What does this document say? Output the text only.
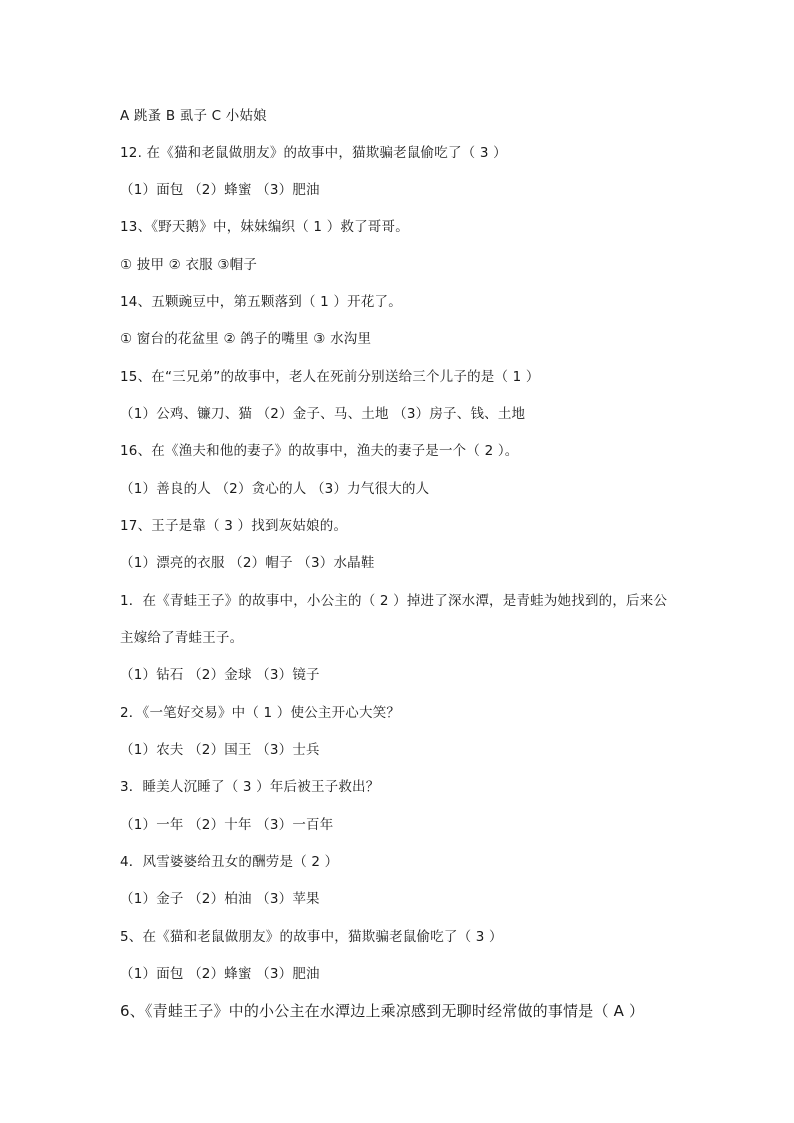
A 跳蚤 B 虱子 C 小姑娘
12. 在《猫和老鼠做朋友》的故事中，猫欺骗老鼠偷吃了（ 3 ）
（1）面包 （2）蜂蜜 （3）肥油
13、《野天鹅》中，妹妹编织（ 1 ）救了哥哥。
① 披甲 ② 衣服 ③帽子
14、五颗豌豆中，第五颗落到（ 1 ）开花了。
① 窗台的花盆里 ② 鸽子的嘴里 ③ 水沟里
15、在“三兄弟”的故事中，老人在死前分别送给三个儿子的是（ 1 ）
（1）公鸡、镰刀、猫 （2）金子、马、土地 （3）房子、钱、土地
16、在《渔夫和他的妻子》的故事中，渔夫的妻子是一个（ 2 ）。
（1）善良的人 （2）贪心的人 （3）力气很大的人
17、王子是靠（ 3 ）找到灰姑娘的。
（1）漂亮的衣服 （2）帽子 （3）水晶鞋
1．在《青蛙王子》的故事中，小公主的（ 2 ）掉进了深水潭，是青蛙为她找到的，后来公
主嫁给了青蛙王子。
（1）钻石 （2）金球 （3）镜子
2．《一笔好交易》中（ 1 ）使公主开心大笑？
（1）农夫 （2）国王 （3）士兵
3．睡美人沉睡了（ 3 ）年后被王子救出？
（1）一年 （2）十年 （3）一百年
4．风雪婆婆给丑女的酬劳是（ 2 ）
（1）金子 （2）柏油 （3）苹果
5、在《猫和老鼠做朋友》的故事中，猫欺骗老鼠偷吃了（ 3 ）
（1）面包 （2）蜂蜜 （3）肥油
6、《青蛙王子》中的小公主在水潭边上乘凉感到无聊时经常做的事情是（ A ）
